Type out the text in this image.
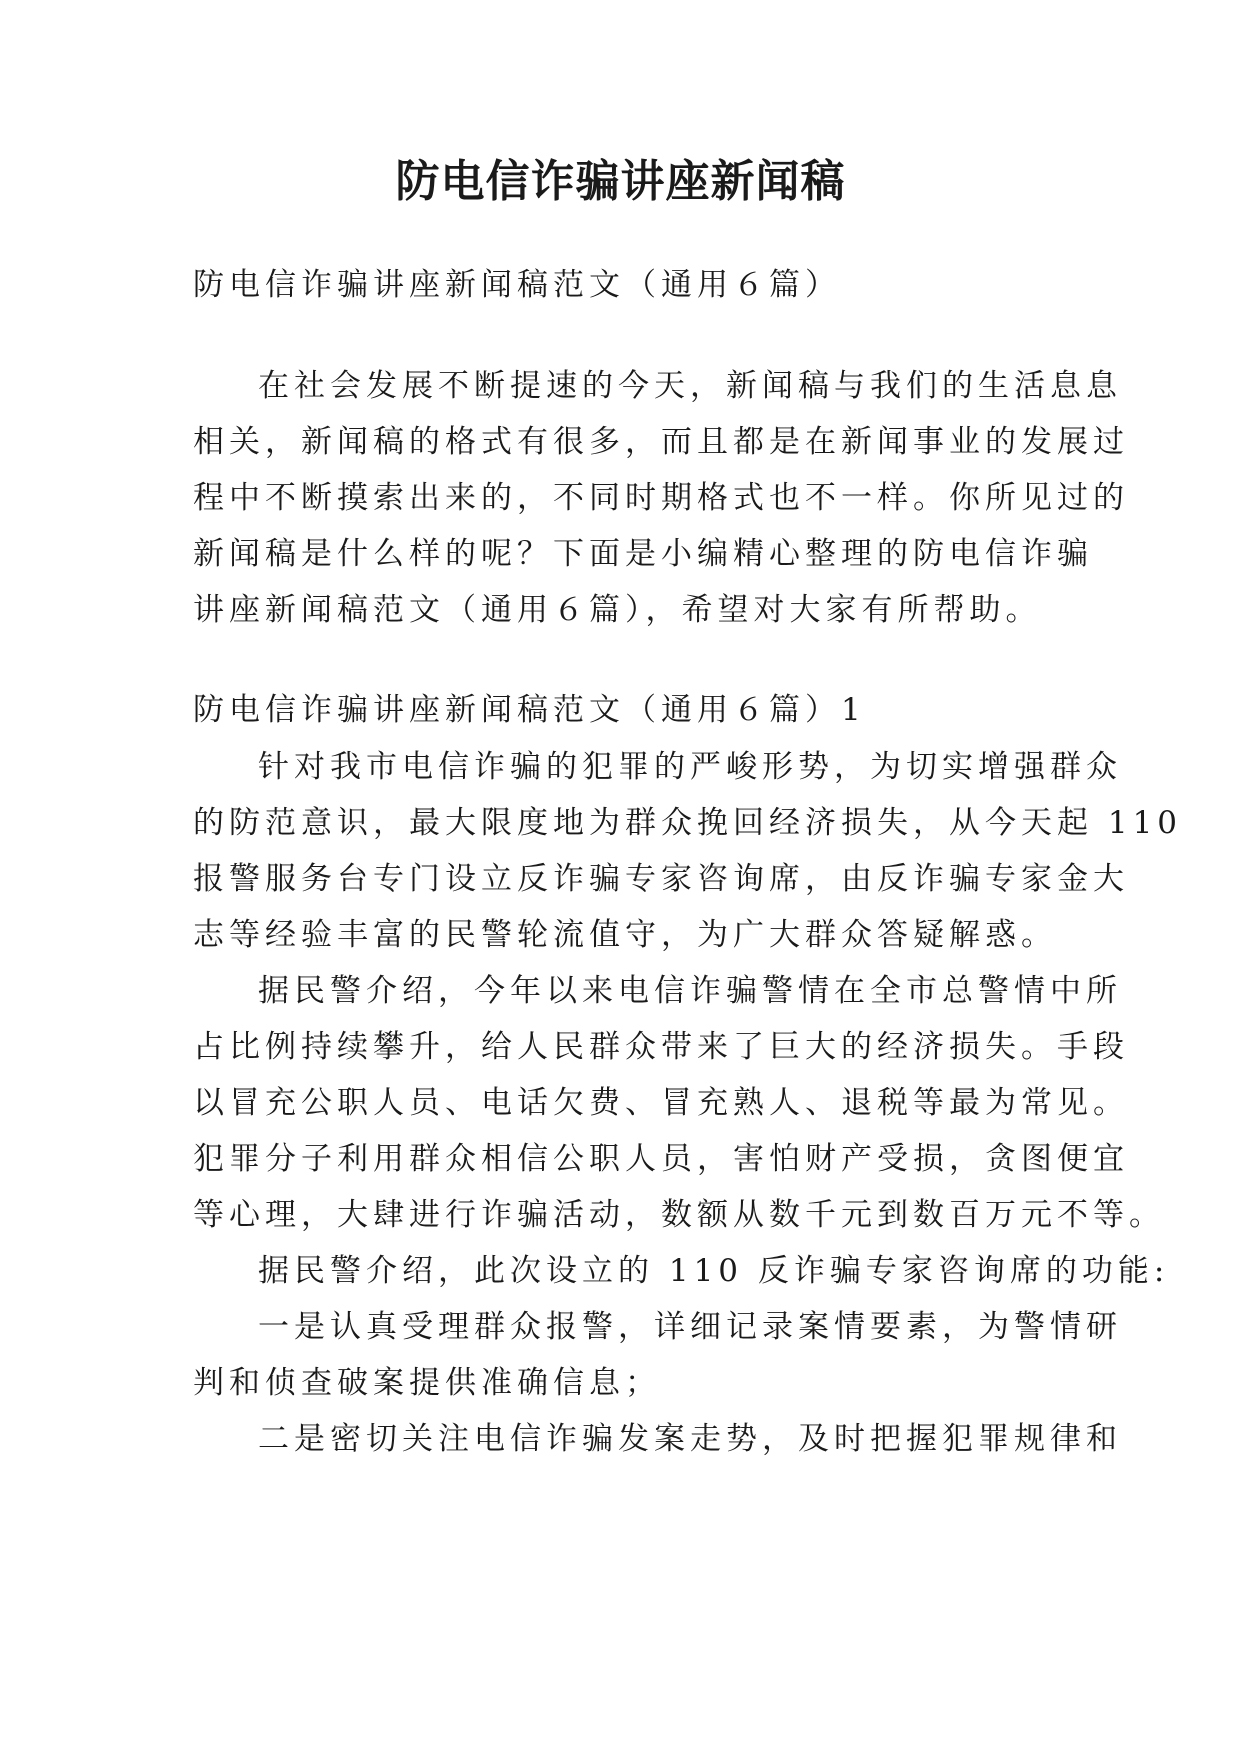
防电信诈骗讲座新闻稿
防电信诈骗讲座新闻稿范文（通用６篇）
在社会发展不断提速的今天，新闻稿与我们的生活息息
相关，新闻稿的格式有很多，而且都是在新闻事业的发展过
程中不断摸索出来的，不同时期格式也不一样。你所见过的
新闻稿是什么样的呢？下面是小编精心整理的防电信诈骗
讲座新闻稿范文（通用６篇），希望对大家有所帮助。
防电信诈骗讲座新闻稿范文（通用６篇）1
针对我市电信诈骗的犯罪的严峻形势，为切实增强群众
的防范意识，最大限度地为群众挽回经济损失，从今天起 110
报警服务台专门设立反诈骗专家咨询席，由反诈骗专家金大
志等经验丰富的民警轮流值守，为广大群众答疑解惑。
据民警介绍，今年以来电信诈骗警情在全市总警情中所
占比例持续攀升，给人民群众带来了巨大的经济损失。手段
以冒充公职人员、电话欠费、冒充熟人、退税等最为常见。
犯罪分子利用群众相信公职人员，害怕财产受损，贪图便宜
等心理，大肆进行诈骗活动，数额从数千元到数百万元不等。
据民警介绍，此次设立的 110 反诈骗专家咨询席的功能:
一是认真受理群众报警，详细记录案情要素，为警情研
判和侦查破案提供准确信息；
二是密切关注电信诈骗发案走势，及时把握犯罪规律和
